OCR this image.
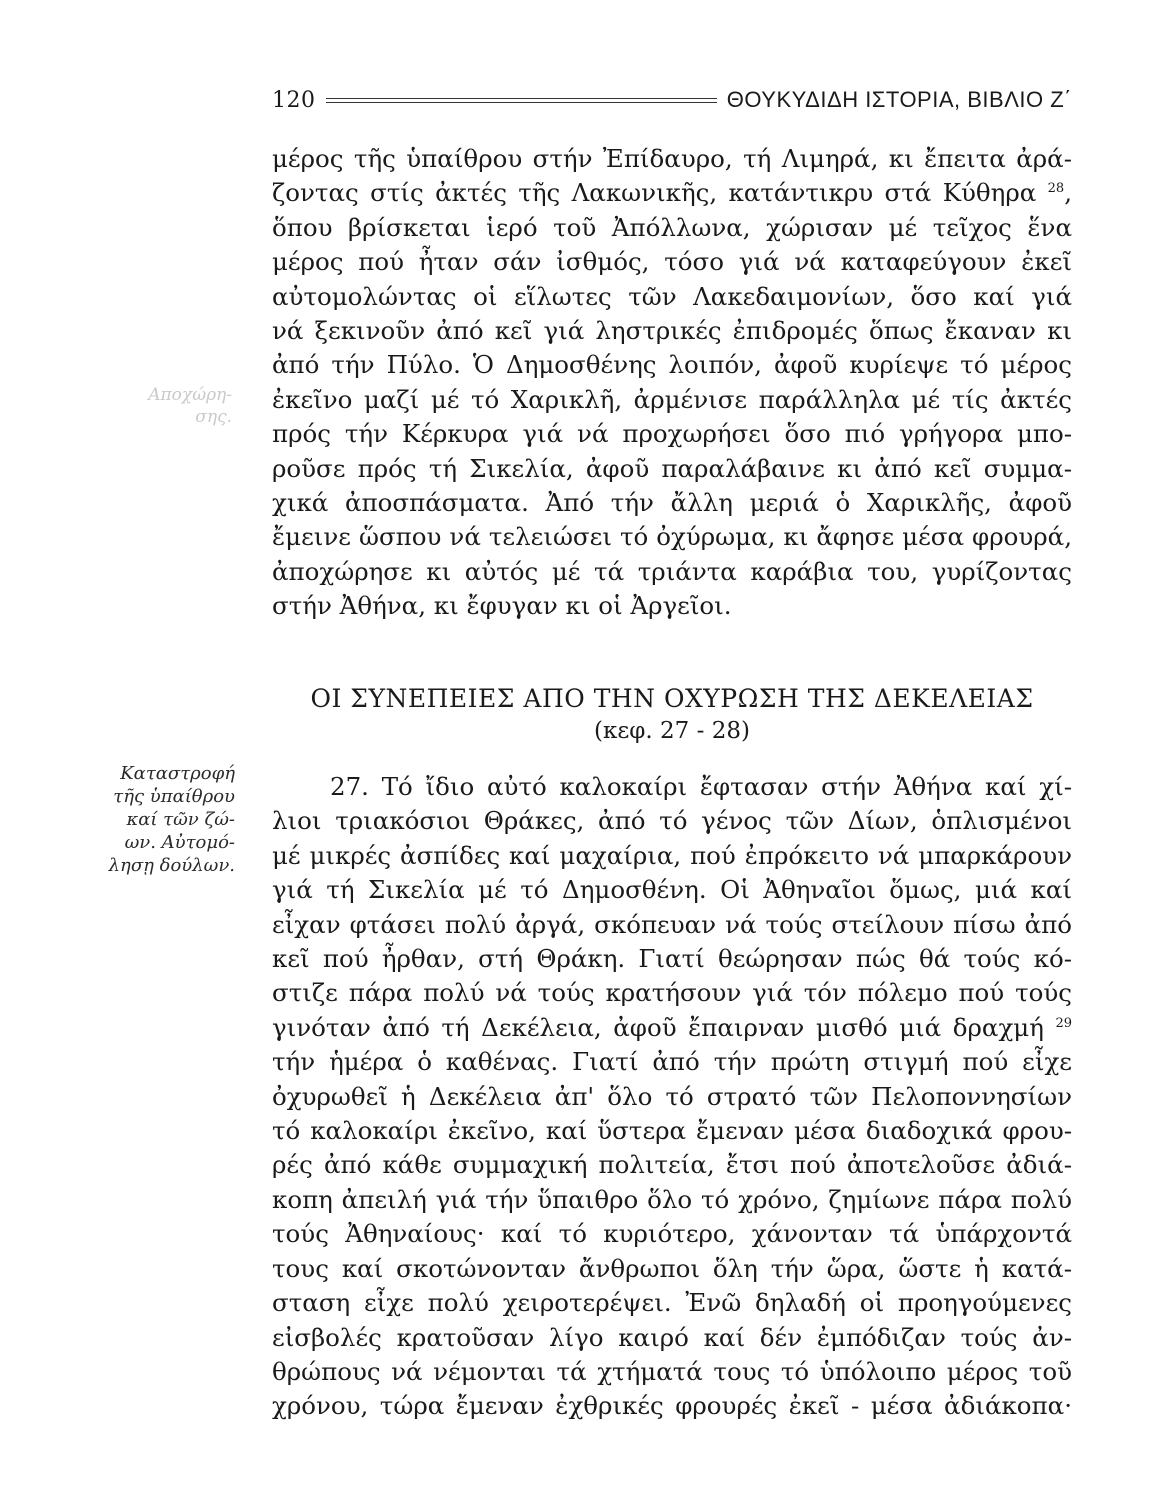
120	ΘΟΥΚΥΔΙΔΗ ΙΣΤΟΡΙΑ, ΒΙΒΛΙΟ Ζ΄
Αποχώρη-
σης.
μέρος τῆς ὑπαίθρου στήν Ἐπίδαυρο, τή Λιμηρά, κι ἔπειτα ἀρά-
ζοντας στίς ἀκτές τῆς Λακωνικῆς, κατάντικρυ στά Κύθηρα $^{28}$,
ὅπου βρίσκεται ἱερό τοῦ Ἀπόλλωνα, χώρισαν μέ τεῖχος ἕνα
μέρος πού ἦταν σάν ἰσθμός, τόσο γιά νά καταφεύγουν ἐκεῖ
αὐτομολώντας οἱ εἵλωτες τῶν Λακεδαιμονίων, ὅσο καί γιά
νά ξεκινοῦν ἀπό κεῖ γιά ληστρικές ἐπιδρομές ὅπως ἔκαναν κι
ἀπό τήν Πύλο. Ὁ Δημοσθένης λοιπόν, ἀφοῦ κυρίεψε τό μέρος
ἐκεῖνο μαζί μέ τό Χαρικλῆ, ἀρμένισε παράλληλα μέ τίς ἀκτές
πρός τήν Κέρκυρα γιά νά προχωρήσει ὅσο πιό γρήγορα μπο-
ροῦσε πρός τή Σικελία, ἀφοῦ παραλάβαινε κι ἀπό κεῖ συμμα-
χικά ἀποσπάσματα. Ἀπό τήν ἄλλη μεριά ὁ Χαρικλῆς, ἀφοῦ
ἔμεινε ὥσπου νά τελειώσει τό ὀχύρωμα, κι ἄφησε μέσα φρουρά,
ἀποχώρησε κι αὐτός μέ τά τριάντα καράβια του, γυρίζοντας
στήν Ἀθήνα, κι ἔφυγαν κι οἱ Ἀργεῖοι.
ΟΙ ΣΥΝΕΠΕΙΕΣ ΑΠΟ ΤΗΝ ΟΧΥΡΩΣΗ ΤΗΣ ΔΕΚΕΛΕΙΑΣ
(κεφ. 27 - 28)
Καταστροφή
τῆς ὑπαίθρου
καί τῶν ζώ-
ων. Αὐτομό-
λησῃ δούλων.
27. Τό ἴδιο αὐτό καλοκαίρι ἔφτασαν στήν Ἀθήνα καί χί-
λιοι τριακόσιοι Θράκες, ἀπό τό γένος τῶν Δίων, ὁπλισμένοι
μέ μικρές ἀσπίδες καί μαχαίρια, πού ἐπρόκειτο νά μπαρκάρουν
γιά τή Σικελία μέ τό Δημοσθένη. Οἱ Ἀθηναῖοι ὅμως, μιά καί
εἶχαν φτάσει πολύ ἀργά, σκόπευαν νά τούς στείλουν πίσω ἀπό
κεῖ πού ἦρθαν, στή Θράκη. Γιατί θεώρησαν πώς θά τούς κό-
στιζε πάρα πολύ νά τούς κρατήσουν γιά τόν πόλεμο πού τούς
γινόταν ἀπό τή Δεκέλεια, ἀφοῦ ἔπαιρναν μισθό μιά δραχμή $^{29}$
τήν ἡμέρα ὁ καθένας. Γιατί ἀπό τήν πρώτη στιγμή πού εἶχε
ὀχυρωθεῖ ἡ Δεκέλεια ἀπ' ὅλο τό στρατό τῶν Πελοποννησίων
τό καλοκαίρι ἐκεῖνο, καί ὕστερα ἔμεναν μέσα διαδοχικά φρου-
ρές ἀπό κάθε συμμαχική πολιτεία, ἔτσι πού ἀποτελοῦσε ἀδιά-
κοπη ἀπειλή γιά τήν ὕπαιθρο ὅλο τό χρόνο, ζημίωνε πάρα πολύ
τούς Ἀθηναίους· καί τό κυριότερο, χάνονταν τά ὑπάρχοντά
τους καί σκοτώνονταν ἄνθρωποι ὅλη τήν ὥρα, ὥστε ἡ κατά-
σταση εἶχε πολύ χειροτερέψει. Ἐνῶ δηλαδή οἱ προηγούμενες
εἰσβολές κρατοῦσαν λίγο καιρό καί δέν ἐμπόδιζαν τούς ἀν-
θρώπους νά νέμονται τά χτήματά τους τό ὑπόλοιπο μέρος τοῦ
χρόνου, τώρα ἔμεναν ἐχθρικές φρουρές ἐκεῖ - μέσα ἀδιάκοπα·
